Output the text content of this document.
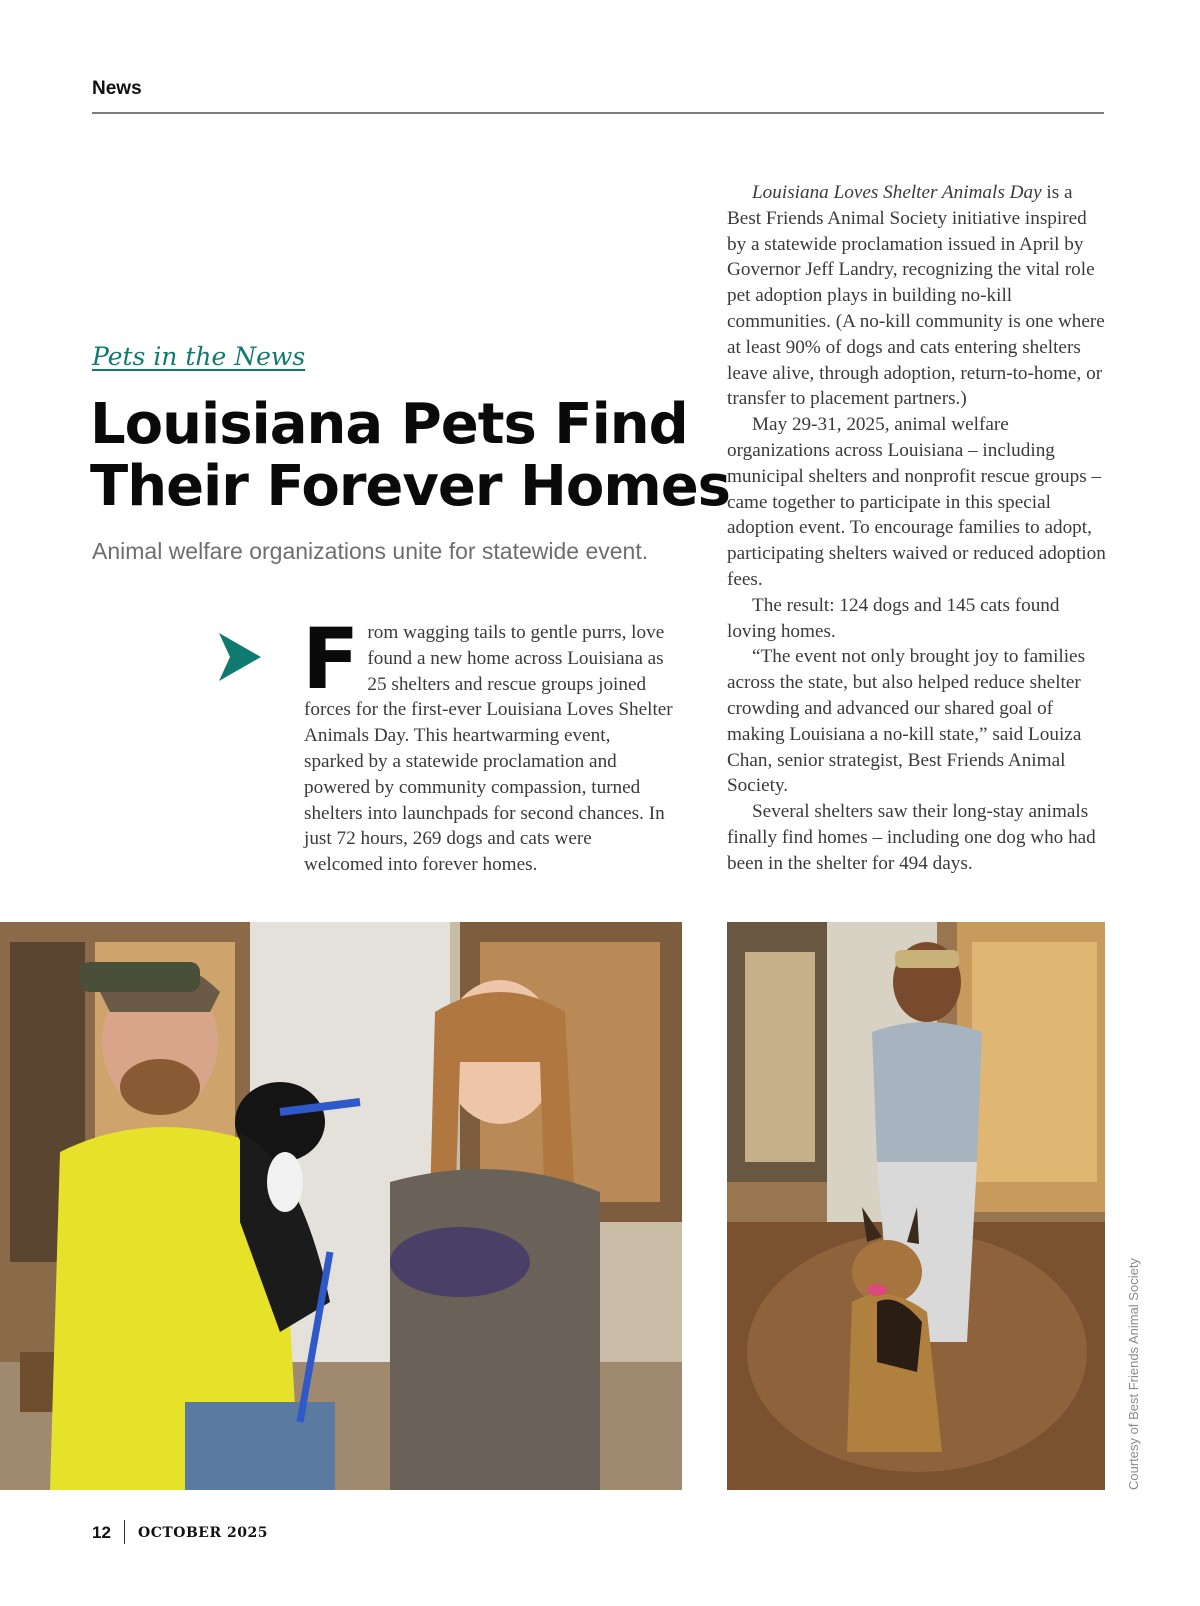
News
Pets in the News
Louisiana Pets Find
Their Forever Homes
Animal welfare organizations unite for statewide event.

From wagging tails to gentle purrs, love found a new home across Louisiana as 25 shelters and rescue groups joined forces for the first-ever Louisiana Loves Shelter Animals Day. This heartwarming event, sparked by a statewide proclamation and powered by community compassion, turned shelters into launchpads for second chances. In just 72 hours, 269 dogs and cats were welcomed into forever homes.

Louisiana Loves Shelter Animals Day is a Best Friends Animal Society initiative inspired by a statewide proclamation issued in April by Governor Jeff Landry, recognizing the vital role pet adoption plays in building no-kill communities. (A no-kill community is one where at least 90% of dogs and cats entering shelters leave alive, through adoption, return-to-home, or transfer to placement partners.)

May 29-31, 2025, animal welfare organizations across Louisiana – including municipal shelters and nonprofit rescue groups – came together to participate in this special adoption event. To encourage families to adopt, participating shelters waived or reduced adoption fees.

The result: 124 dogs and 145 cats found loving homes.

“The event not only brought joy to families across the state, but also helped reduce shelter crowding and advanced our shared goal of making Louisiana a no-kill state,” said Louiza Chan, senior strategist, Best Friends Animal Society.

Several shelters saw their long-stay animals finally find homes – including one dog who had been in the shelter for 494 days.

Courtesy of Best Friends Animal Society
12 OCTOBER 2025
